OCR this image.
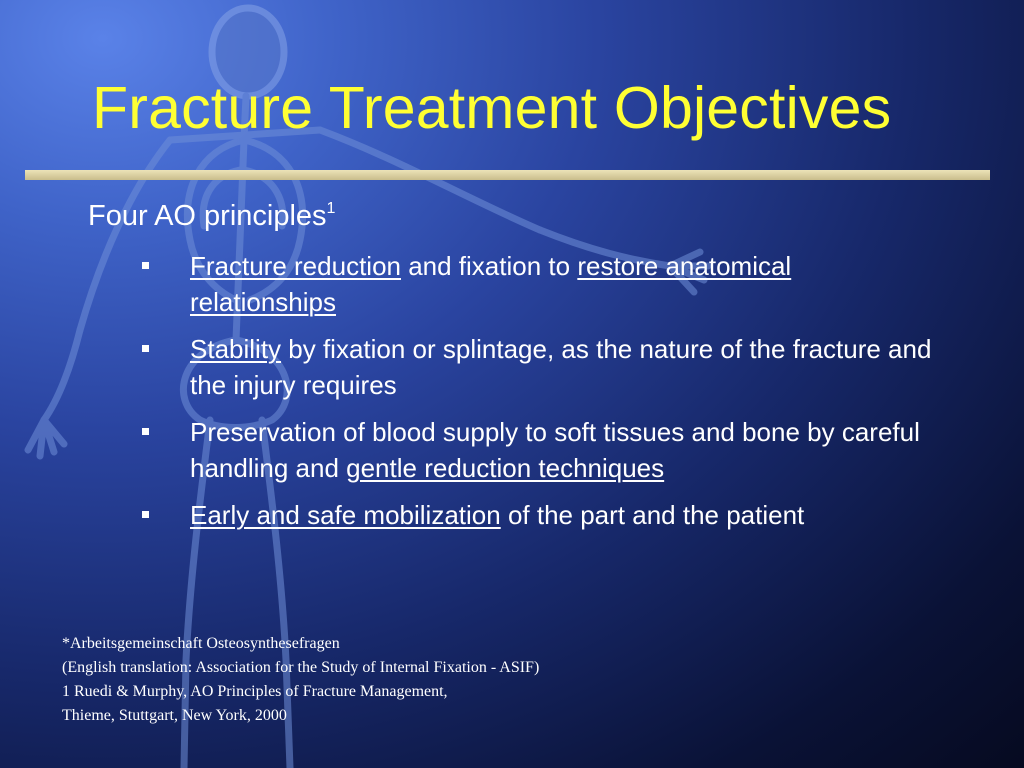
Fracture Treatment Objectives
Four AO principles$^1$
Fracture reduction and fixation to restore anatomical relationships
Stability by fixation or splintage, as the nature of the fracture and the injury requires
Preservation of blood supply to soft tissues and bone by careful handling and gentle reduction techniques
Early and safe mobilization of the part and the patient
*Arbeitsgemeinschaft Osteosynthesefragen
(English translation: Association for the Study of Internal Fixation - ASIF)
1 Ruedi & Murphy, AO Principles of Fracture Management,
Thieme, Stuttgart, New York, 2000
